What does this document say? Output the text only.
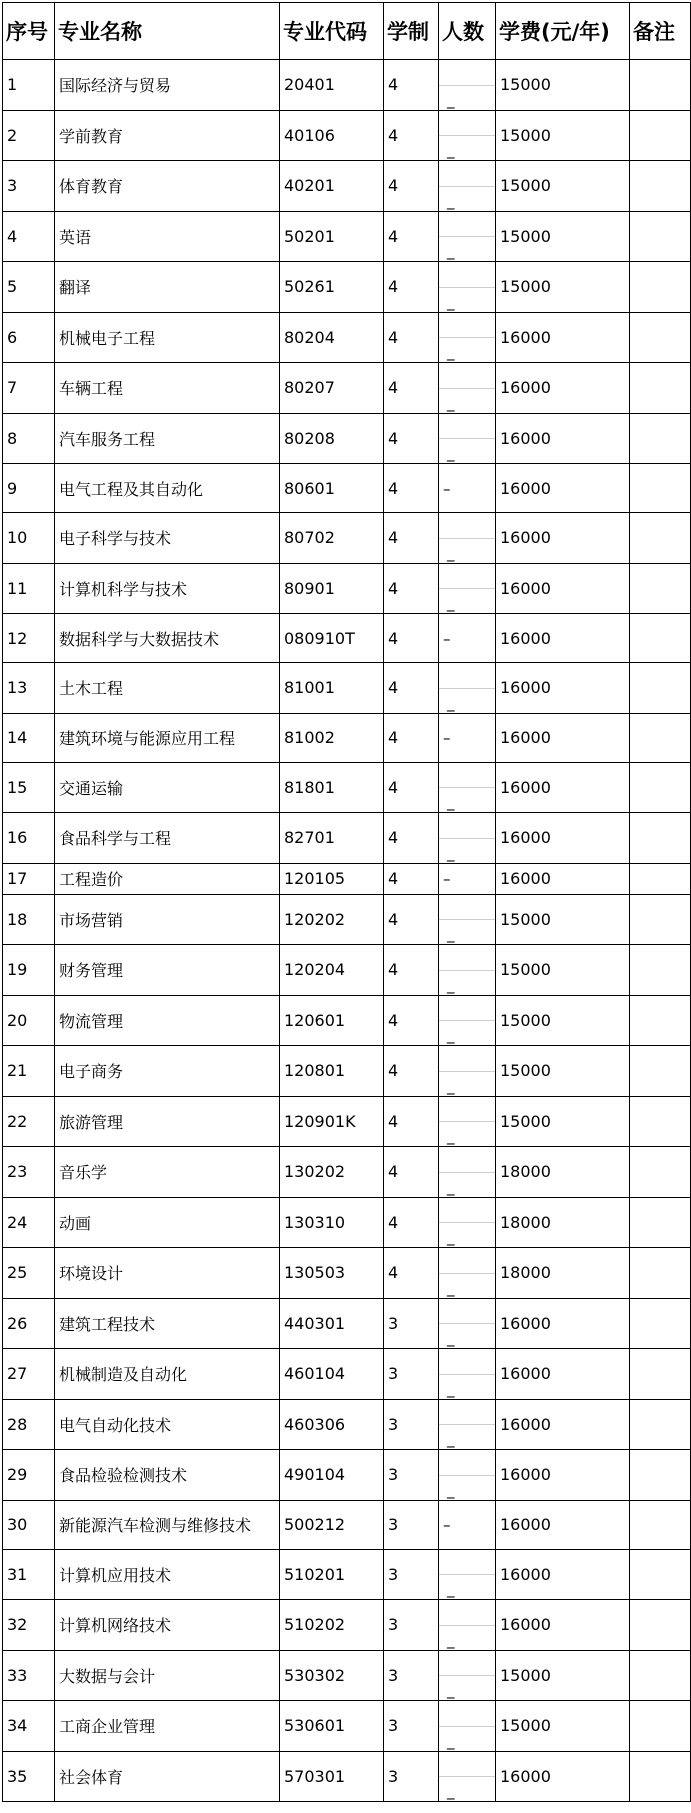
序号	专业名称	专业代码	学制	人数	学费(元/年)	备注
1	国际经济与贸易	20401	4	_	15000	
2	学前教育	40106	4	_	15000	
3	体育教育	40201	4	_	15000	
4	英语	50201	4	_	15000	
5	翻译	50261	4	_	15000	
6	机械电子工程	80204	4	_	16000	
7	车辆工程	80207	4	_	16000	
8	汽车服务工程	80208	4	_	16000	
9	电气工程及其自动化	80601	4	–	16000	
10	电子科学与技术	80702	4	_	16000	
11	计算机科学与技术	80901	4	_	16000	
12	数据科学与大数据技术	080910T	4	–	16000	
13	土木工程	81001	4	_	16000	
14	建筑环境与能源应用工程	81002	4	–	16000	
15	交通运输	81801	4	_	16000	
16	食品科学与工程	82701	4	_	16000	
17	工程造价	120105	4	–	16000	
18	市场营销	120202	4	_	15000	
19	财务管理	120204	4	_	15000	
20	物流管理	120601	4	_	15000	
21	电子商务	120801	4	_	15000	
22	旅游管理	120901K	4	_	15000	
23	音乐学	130202	4	_	18000	
24	动画	130310	4	_	18000	
25	环境设计	130503	4	_	18000	
26	建筑工程技术	440301	3	_	16000	
27	机械制造及自动化	460104	3	_	16000	
28	电气自动化技术	460306	3	_	16000	
29	食品检验检测技术	490104	3	_	16000	
30	新能源汽车检测与维修技术	500212	3	–	16000	
31	计算机应用技术	510201	3	_	16000	
32	计算机网络技术	510202	3	_	16000	
33	大数据与会计	530302	3	_	15000	
34	工商企业管理	530601	3	_	15000	
35	社会体育	570301	3	_	16000	
